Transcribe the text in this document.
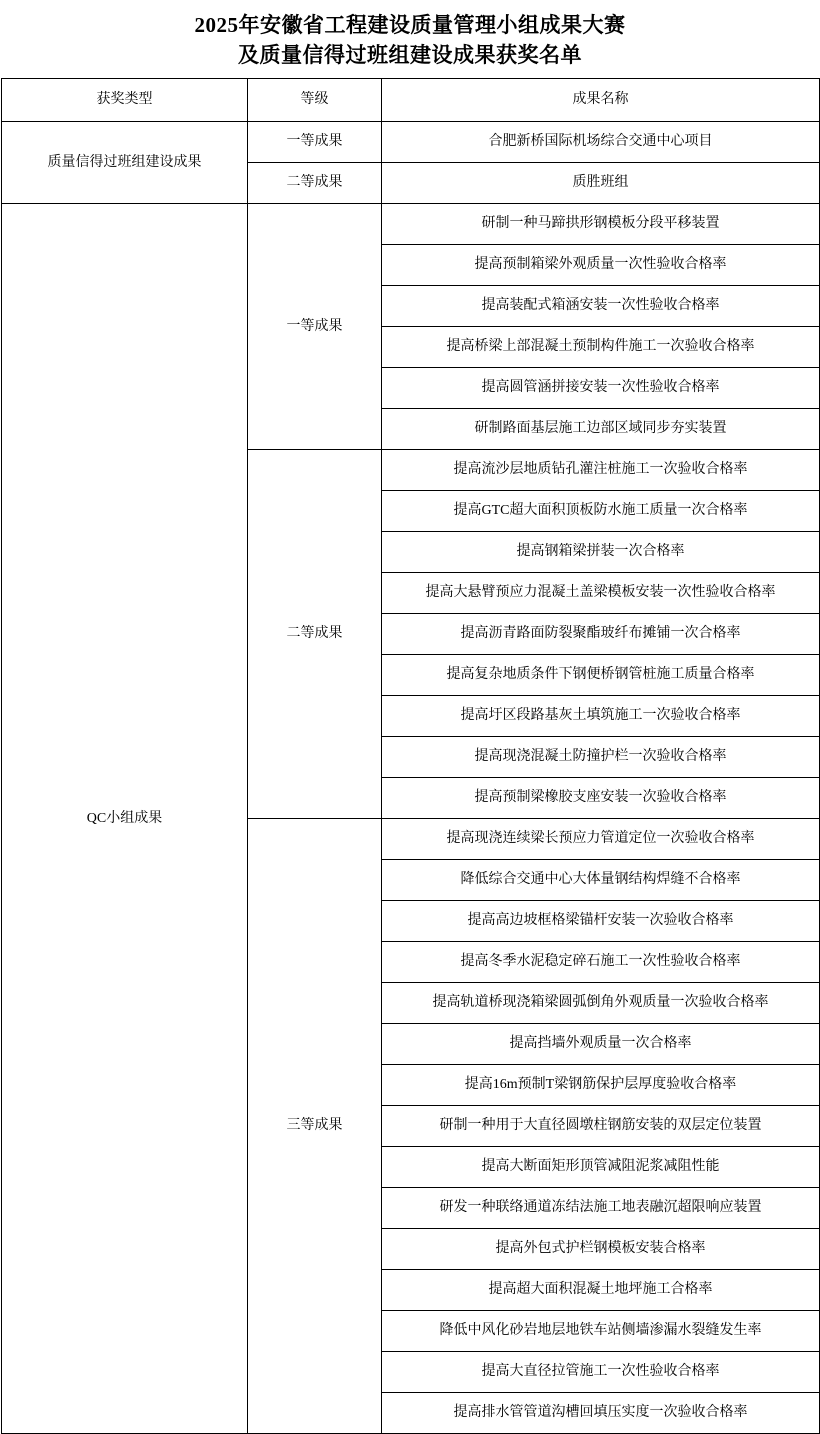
2025年安徽省工程建设质量管理小组成果大赛
及质量信得过班组建设成果获奖名单
获奖类型	等级	成果名称
质量信得过班组建设成果	一等成果	合肥新桥国际机场综合交通中心项目
	二等成果	质胜班组
QC小组成果	一等成果	研制一种马蹄拱形钢模板分段平移装置
		提高预制箱梁外观质量一次性验收合格率
		提高装配式箱涵安装一次性验收合格率
		提高桥梁上部混凝土预制构件施工一次验收合格率
		提高圆管涵拼接安装一次性验收合格率
		研制路面基层施工边部区域同步夯实装置
	二等成果	提高流沙层地质钻孔灌注桩施工一次验收合格率
		提高GTC超大面积顶板防水施工质量一次合格率
		提高钢箱梁拼装一次合格率
		提高大悬臂预应力混凝土盖梁模板安装一次性验收合格率
		提高沥青路面防裂聚酯玻纤布摊铺一次合格率
		提高复杂地质条件下钢便桥钢管桩施工质量合格率
		提高圩区段路基灰土填筑施工一次验收合格率
		提高现浇混凝土防撞护栏一次验收合格率
		提高预制梁橡胶支座安装一次验收合格率
	三等成果	提高现浇连续梁长预应力管道定位一次验收合格率
		降低综合交通中心大体量钢结构焊缝不合格率
		提高高边坡框格梁锚杆安装一次验收合格率
		提高冬季水泥稳定碎石施工一次性验收合格率
		提高轨道桥现浇箱梁圆弧倒角外观质量一次验收合格率
		提高挡墙外观质量一次合格率
		提高16m预制T梁钢筋保护层厚度验收合格率
		研制一种用于大直径圆墩柱钢筋安装的双层定位装置
		提高大断面矩形顶管减阻泥浆减阻性能
		研发一种联络通道冻结法施工地表融沉超限响应装置
		提高外包式护栏钢模板安装合格率
		提高超大面积混凝土地坪施工合格率
		降低中风化砂岩地层地铁车站侧墙渗漏水裂缝发生率
		提高大直径拉管施工一次性验收合格率
		提高排水管管道沟槽回填压实度一次验收合格率
